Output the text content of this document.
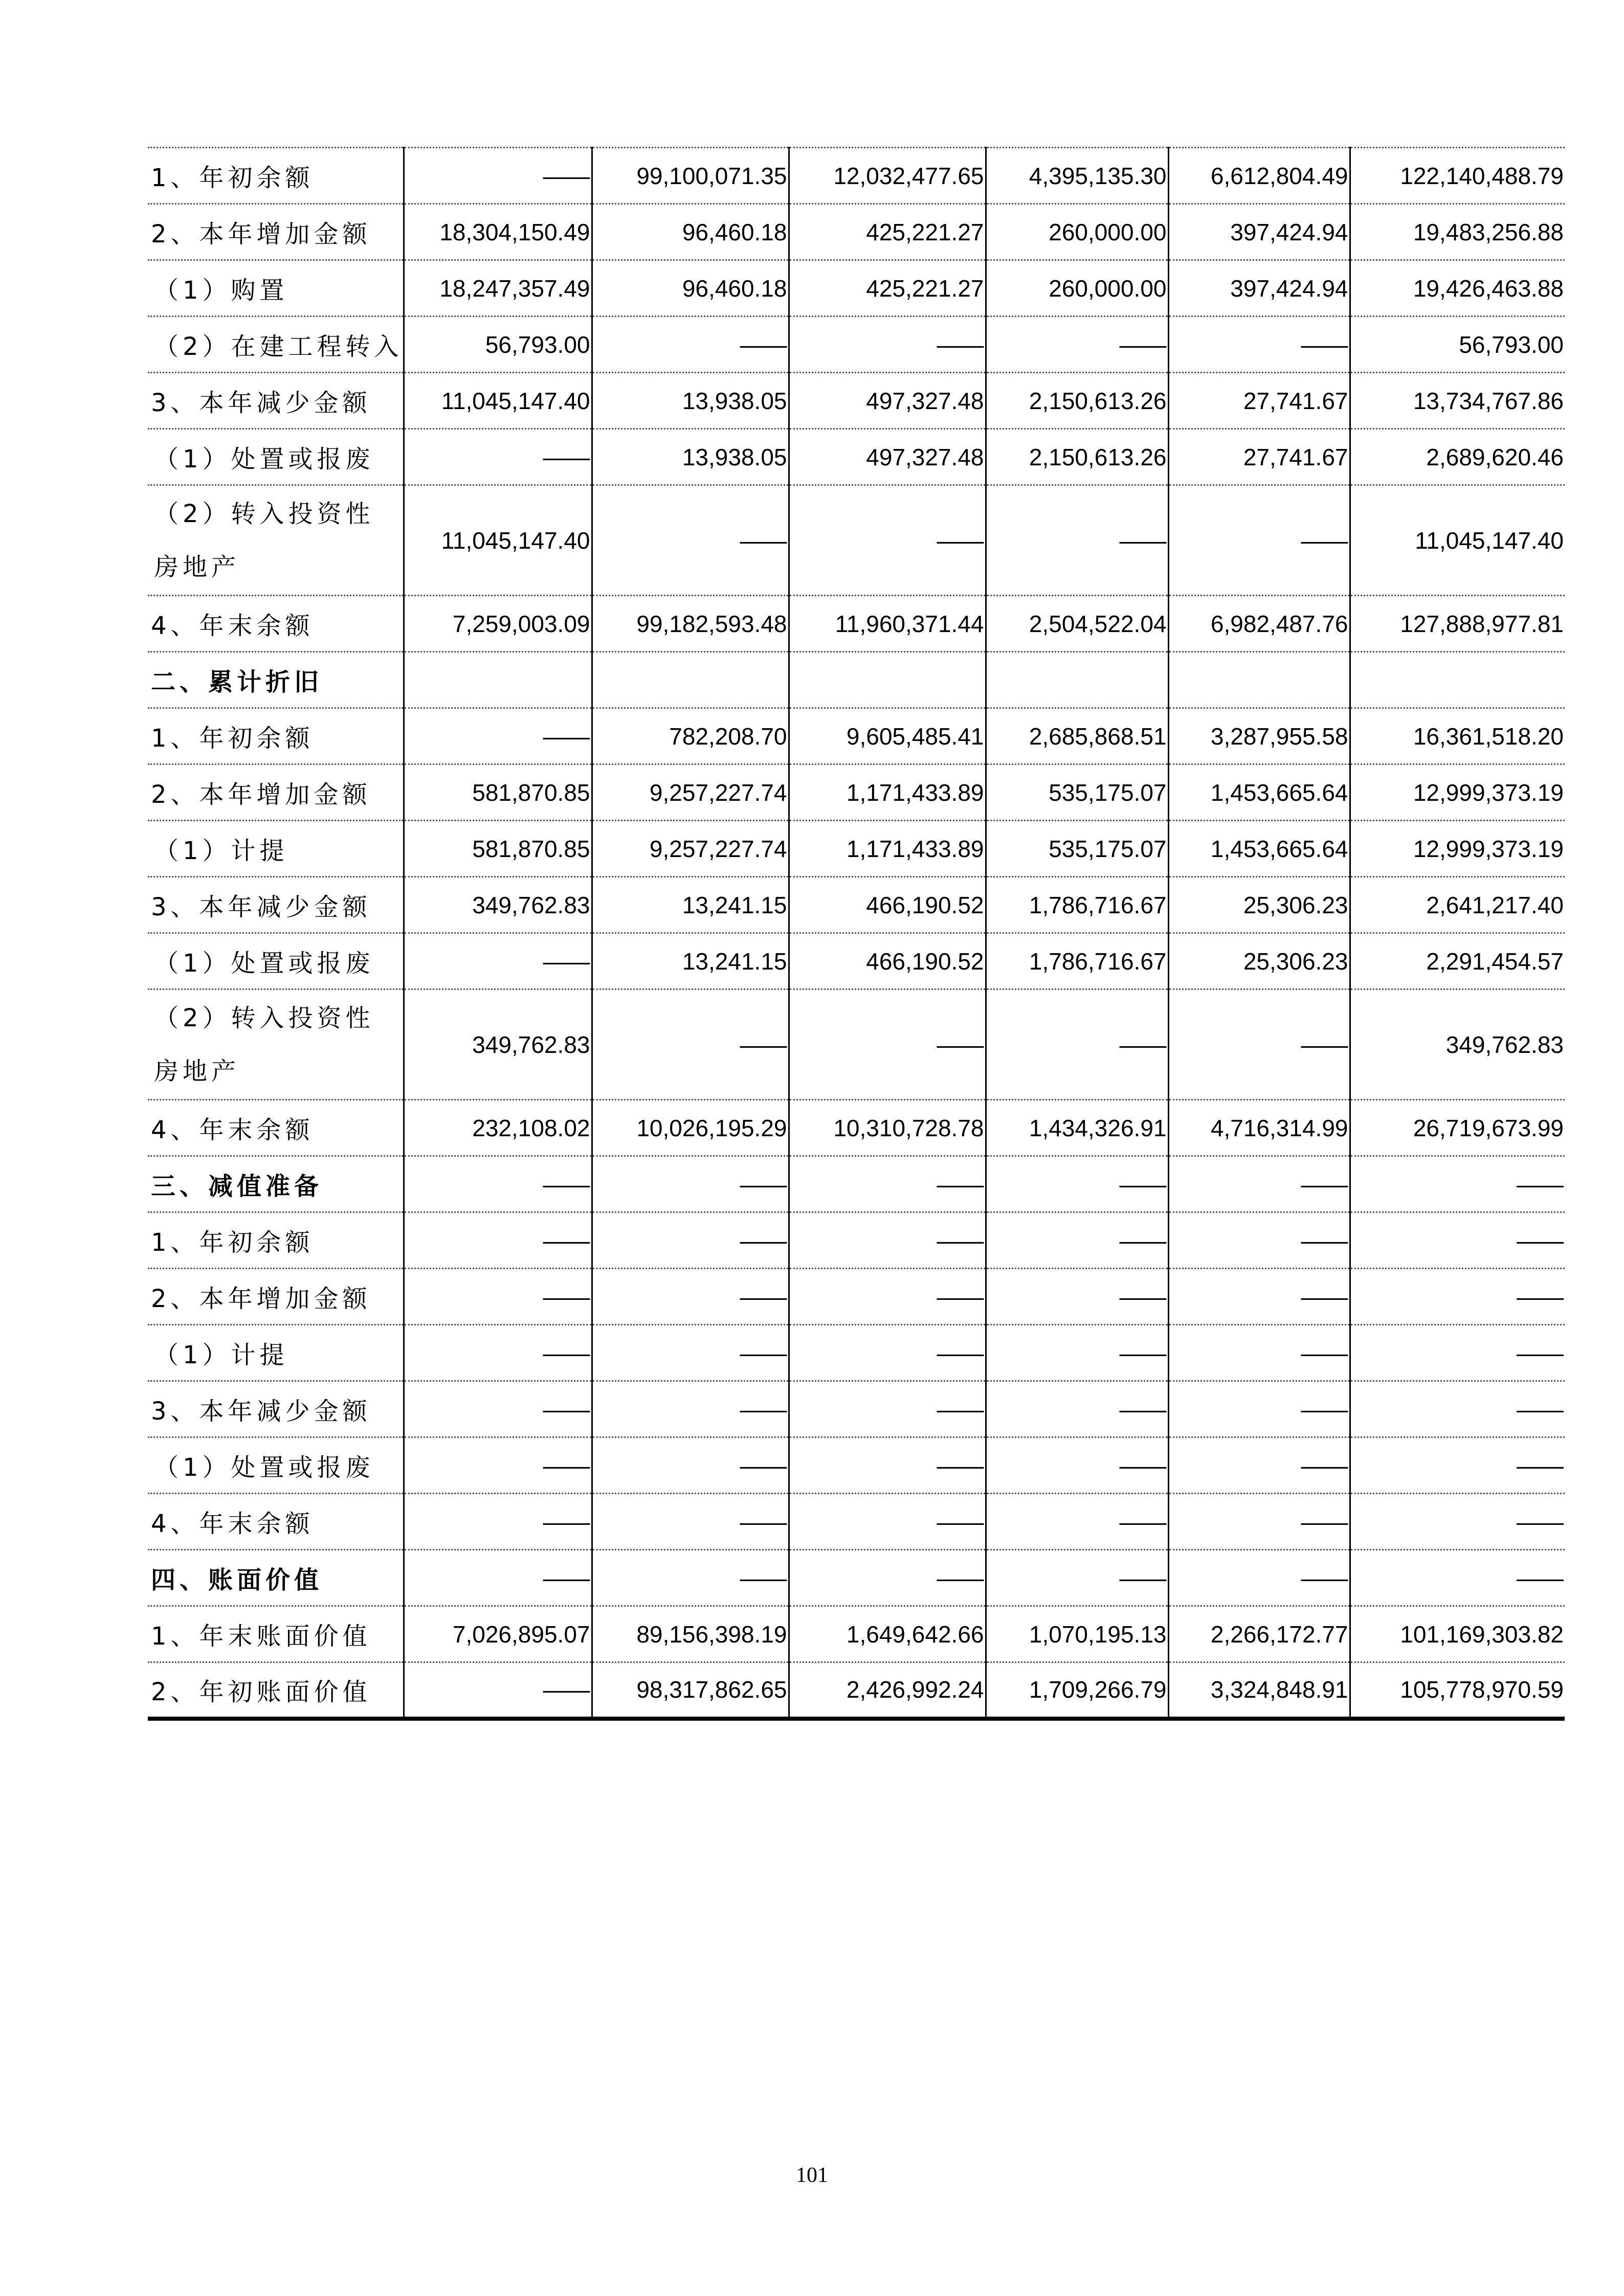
1、年初余额	——	99,100,071.35	12,032,477.65	4,395,135.30	6,612,804.49	122,140,488.79
2、本年增加金额	18,304,150.49	96,460.18	425,221.27	260,000.00	397,424.94	19,483,256.88
（1）购置	18,247,357.49	96,460.18	425,221.27	260,000.00	397,424.94	19,426,463.88
（2）在建工程转入	56,793.00	——	——	——	——	56,793.00
3、本年减少金额	11,045,147.40	13,938.05	497,327.48	2,150,613.26	27,741.67	13,734,767.86
（1）处置或报废	——	13,938.05	497,327.48	2,150,613.26	27,741.67	2,689,620.46
（2）转入投资性房地产	11,045,147.40	——	——	——	——	11,045,147.40
4、年末余额	7,259,003.09	99,182,593.48	11,960,371.44	2,504,522.04	6,982,487.76	127,888,977.81
二、累计折旧						
1、年初余额	——	782,208.70	9,605,485.41	2,685,868.51	3,287,955.58	16,361,518.20
2、本年增加金额	581,870.85	9,257,227.74	1,171,433.89	535,175.07	1,453,665.64	12,999,373.19
（1）计提	581,870.85	9,257,227.74	1,171,433.89	535,175.07	1,453,665.64	12,999,373.19
3、本年减少金额	349,762.83	13,241.15	466,190.52	1,786,716.67	25,306.23	2,641,217.40
（1）处置或报废	——	13,241.15	466,190.52	1,786,716.67	25,306.23	2,291,454.57
（2）转入投资性房地产	349,762.83	——	——	——	——	349,762.83
4、年末余额	232,108.02	10,026,195.29	10,310,728.78	1,434,326.91	4,716,314.99	26,719,673.99
三、减值准备	——	——	——	——	——	——
1、年初余额	——	——	——	——	——	——
2、本年增加金额	——	——	——	——	——	——
（1）计提	——	——	——	——	——	——
3、本年减少金额	——	——	——	——	——	——
（1）处置或报废	——	——	——	——	——	——
4、年末余额	——	——	——	——	——	——
四、账面价值	——	——	——	——	——	——
1、年末账面价值	7,026,895.07	89,156,398.19	1,649,642.66	1,070,195.13	2,266,172.77	101,169,303.82
2、年初账面价值	——	98,317,862.65	2,426,992.24	1,709,266.79	3,324,848.91	105,778,970.59
101
